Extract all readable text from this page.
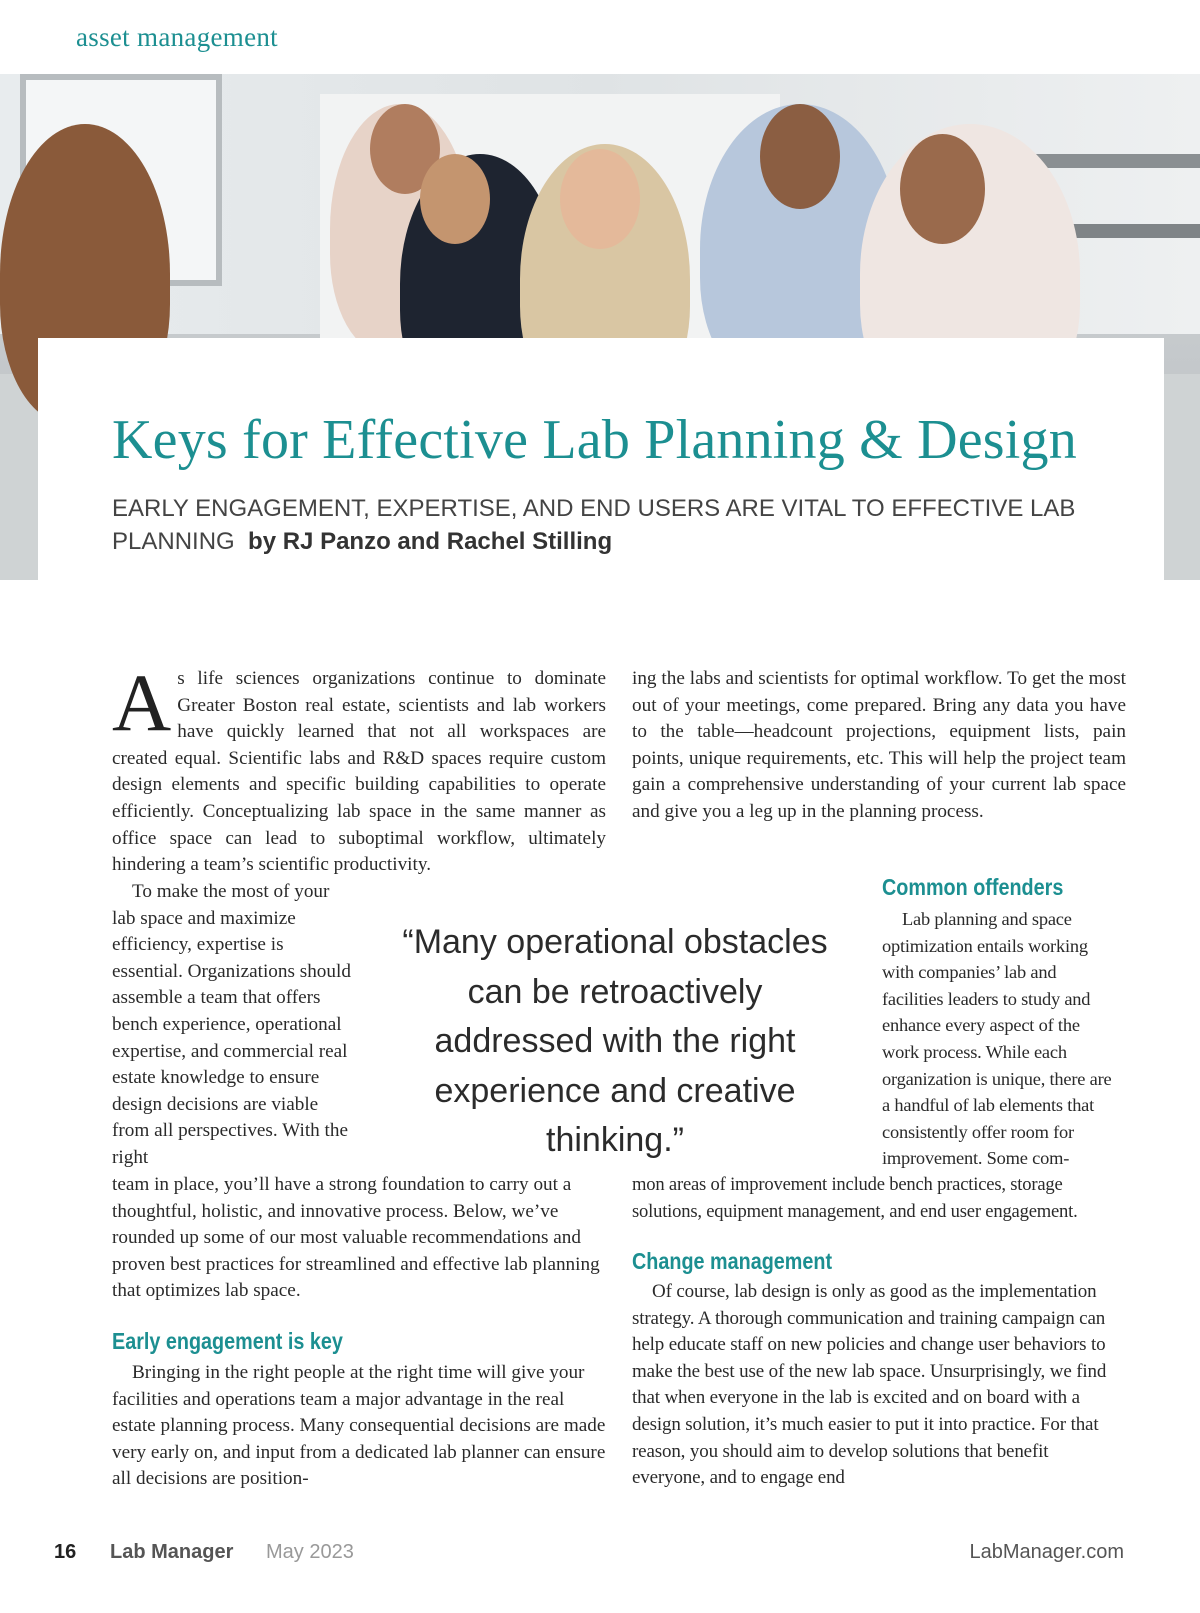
asset management
Keys for Effective Lab Planning & Design
EARLY ENGAGEMENT, EXPERTISE, AND END USERS ARE VITAL TO EFFECTIVE LAB PLANNING by RJ Panzo and Rachel Stilling

As life sciences organizations continue to dominate Greater Boston real estate, scientists and lab workers have quickly learned that not all workspaces are created equal. Scientific labs and R&D spaces require custom design elements and specific building capabilities to operate efficiently. Conceptualizing lab space in the same manner as office space can lead to suboptimal workflow, ultimately hindering a team’s scientific productivity.

To make the most of your lab space and maximize efficiency, expertise is essential. Organizations should assemble a team that offers bench experience, operational expertise, and commercial real estate knowledge to ensure design decisions are viable from all perspectives. With the right

“Many operational obstacles can be retroactively addressed with the right experience and creative thinking.”

team in place, you’ll have a strong foundation to carry out a thoughtful, holistic, and innovative process. Below, we’ve rounded up some of our most valuable recommendations and proven best practices for streamlined and effective lab planning that optimizes lab space.

Early engagement is key

Bringing in the right people at the right time will give your facilities and operations team a major advantage in the real estate planning process. Many consequential decisions are made very early on, and input from a dedicated lab planner can ensure all decisions are position-

ing the labs and scientists for optimal workflow. To get the most out of your meetings, come prepared. Bring any data you have to the table—headcount projections, equipment lists, pain points, unique requirements, etc. This will help the project team gain a comprehensive understanding of your current lab space and give you a leg up in the planning process.

Common offenders

Lab planning and space optimization entails working with companies’ lab and facilities leaders to study and enhance every aspect of the work process. While each organization is unique, there are a handful of lab elements that consistently offer room for improvement. Some com-

mon areas of improvement include bench practices, storage solutions, equipment management, and end user engagement.

Change management

Of course, lab design is only as good as the implementation strategy. A thorough communication and training campaign can help educate staff on new policies and change user behaviors to make the best use of the new lab space. Unsurprisingly, we find that when everyone in the lab is excited and on board with a design solution, it’s much easier to put it into practice. For that reason, you should aim to develop solutions that benefit everyone, and to engage end

16 Lab Manager May 2023	LabManager.com
